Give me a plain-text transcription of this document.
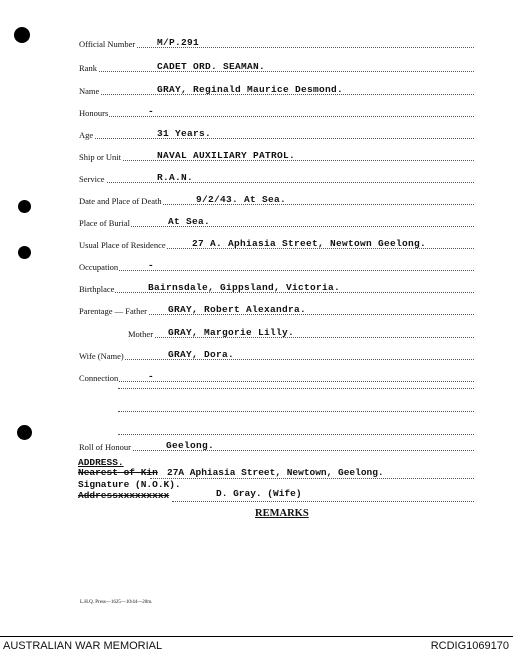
Official Number M/P.291
Rank	CADET ORD. SEAMAN.
Name	GRAY, Reginald Maurice Desmond.
Honours	-
Age	31 Years.
Ship or Unit	NAVAL AUXILIARY PATROL.
Service	R.A.N.
Date and Place of Death	9/2/43. At Sea.
Place of Burial	At Sea.
Usual Place of Residence	27 A. Aphiasia Street, Newtown Geelong.
Occupation	-
Birthplace	Bairnsdale, Gippsland, Victoria.
Parentage — Father GRAY, Robert Alexandra.
Mother GRAY, Margorie Lilly.
Wife (Name)	GRAY, Dora.
Connection	-
Roll of Honour	Geelong.
ADDRESS.
Nearest of Kin 27A Aphiasia Street, Newtown, Geelong.
Signature (N.O.K).
Addressxxxxxxxxx	D. Gray. (Wife)
REMARKS
L.H.Q. Press—1625—10/44—20m.
AUSTRALIAN WAR MEMORIAL	RCDIG1069170
